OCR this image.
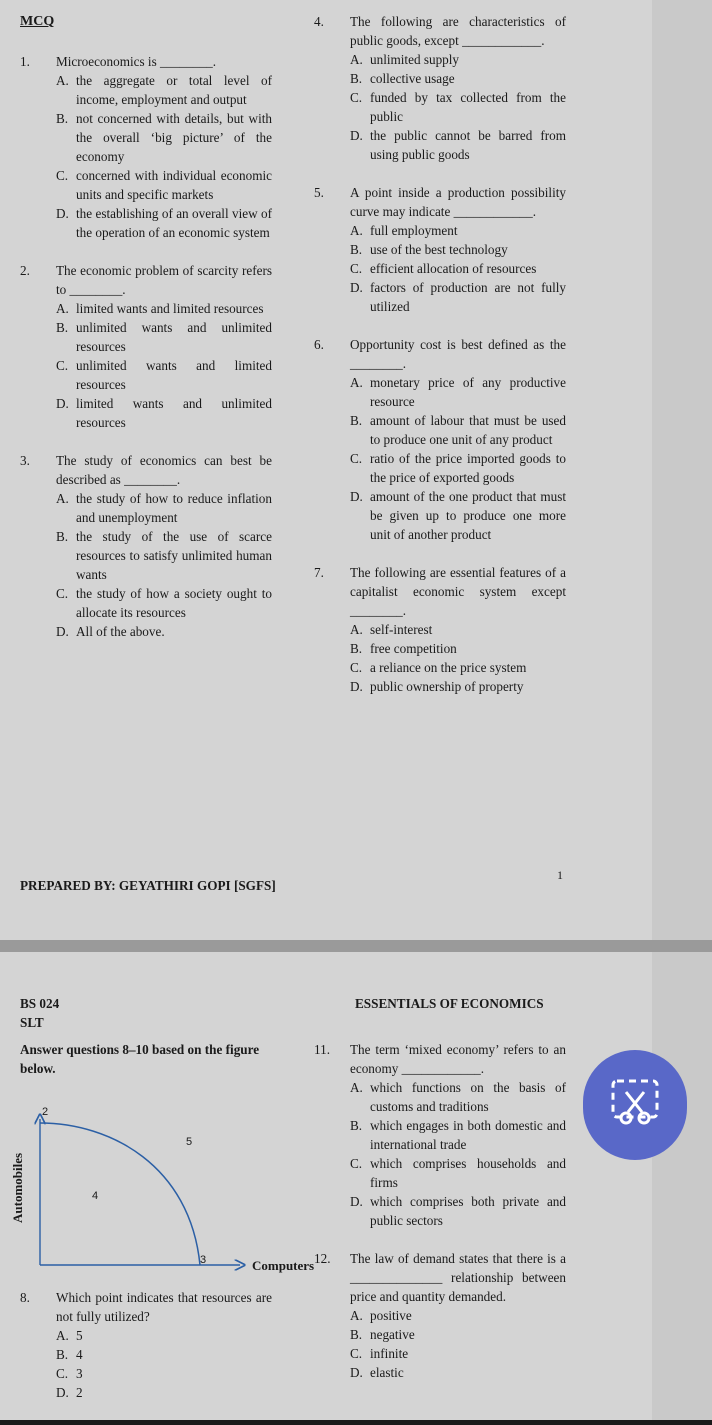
MCQ
1. Microeconomics is ________.
A. the aggregate or total level of income, employment and output
B. not concerned with details, but with the overall ‘big picture’ of the economy
C. concerned with individual economic units and specific markets
D. the establishing of an overall view of the operation of an economic system
2. The economic problem of scarcity refers to ________.
A. limited wants and limited resources
B. unlimited wants and unlimited resources
C. unlimited wants and limited resources
D. limited wants and unlimited resources
3. The study of economics can best be described as ________.
A. the study of how to reduce inflation and unemployment
B. the study of the use of scarce resources to satisfy unlimited human wants
C. the study of how a society ought to allocate its resources
D. All of the above.
4. The following are characteristics of public goods, except ____________.
A. unlimited supply
B. collective usage
C. funded by tax collected from the public
D. the public cannot be barred from using public goods
5. A point inside a production possibility curve may indicate ____________.
A. full employment
B. use of the best technology
C. efficient allocation of resources
D. factors of production are not fully utilized
6. Opportunity cost is best defined as the ________.
A. monetary price of any productive resource
B. amount of labour that must be used to produce one unit of any product
C. ratio of the price imported goods to the price of exported goods
D. amount of the one product that must be given up to produce one more unit of another product
7. The following are essential features of a capitalist economic system except ________.
A. self-interest
B. free competition
C. a reliance on the price system
D. public ownership of property
1
PREPARED BY: GEYATHIRI GOPI [SGFS]
BS 024
SLT
ESSENTIALS OF ECONOMICS
Answer questions 8–10 based on the figure below.
2
5
4
3	Computers
Automobiles
8. Which point indicates that resources are not fully utilized?
A. 5
B. 4
C. 3
D. 2
11. The term ‘mixed economy’ refers to an economy ____________.
A. which functions on the basis of customs and traditions
B. which engages in both domestic and international trade
C. which comprises households and firms
D. which comprises both private and public sectors
12. The law of demand states that there is a ______________ relationship between price and quantity demanded.
A. positive
B. negative
C. infinite
D. elastic
